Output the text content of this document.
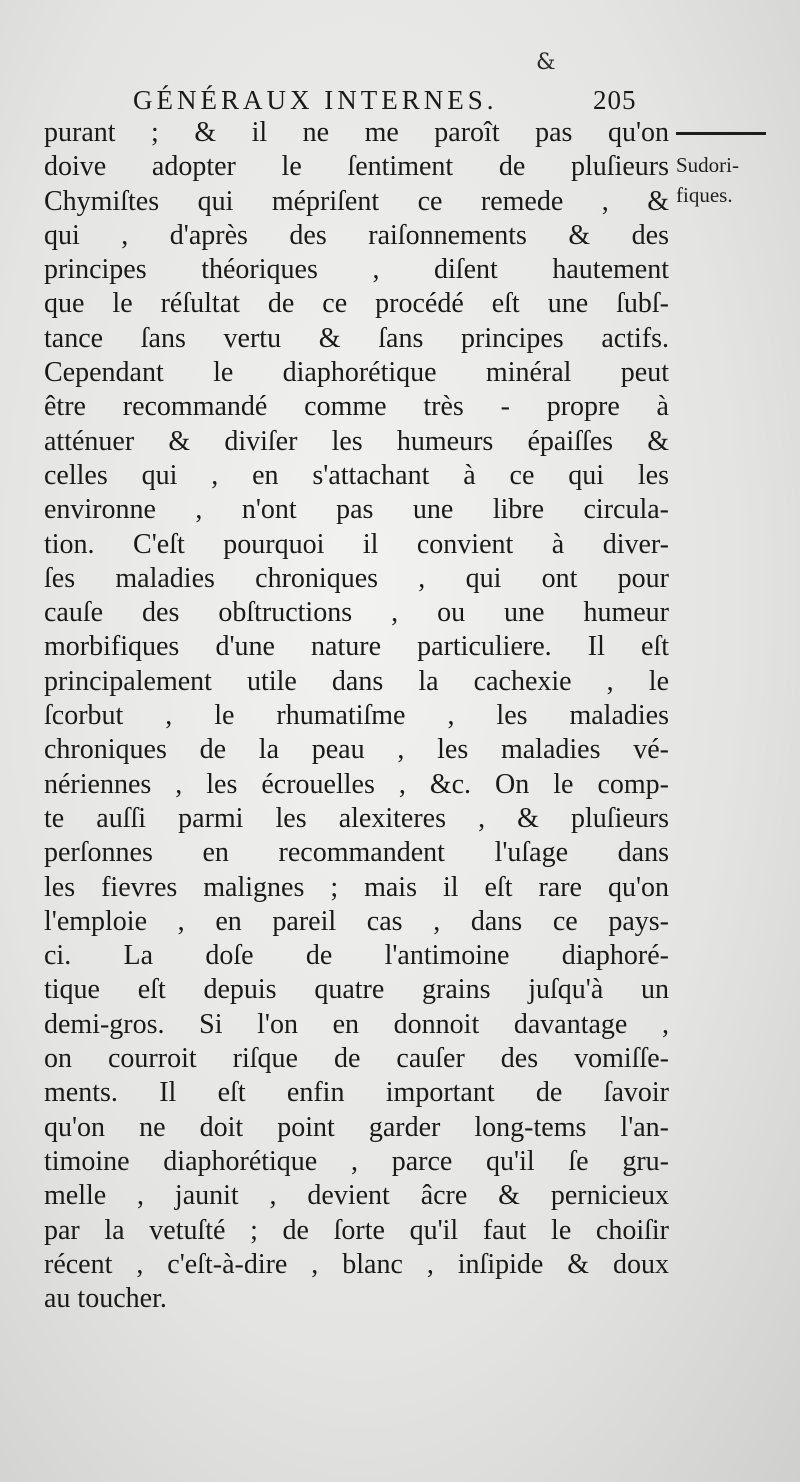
&
GÉNÉRAUX INTERNES.	205
Sudori-
fiques.
purant ; & il ne me paroît pas qu'on
doive adopter le ſentiment de pluſieurs
Chymiſtes qui mépriſent ce remede , &
qui , d'après des raiſonnements & des
principes théoriques , diſent hautement
que le réſultat de ce procédé eſt une ſubſ-
tance ſans vertu & ſans principes actifs.
Cependant le diaphorétique minéral peut
être recommandé comme très - propre à
atténuer & diviſer les humeurs épaiſſes &
celles qui , en s'attachant à ce qui les
environne , n'ont pas une libre circula-
tion. C'eſt pourquoi il convient à diver-
ſes maladies chroniques , qui ont pour
cauſe des obſtructions , ou une humeur
morbifiques d'une nature particuliere. Il eſt
principalement utile dans la cachexie , le
ſcorbut , le rhumatiſme , les maladies
chroniques de la peau , les maladies vé-
nériennes , les écrouelles , &c. On le comp-
te auſſi parmi les alexiteres , & pluſieurs
perſonnes en recommandent l'uſage dans
les fievres malignes ; mais il eſt rare qu'on
l'emploie , en pareil cas , dans ce pays-
ci. La doſe de l'antimoine diaphoré-
tique eſt depuis quatre grains juſqu'à un
demi-gros. Si l'on en donnoit davantage ,
on courroit riſque de cauſer des vomiſſe-
ments. Il eſt enfin important de ſavoir
qu'on ne doit point garder long-tems l'an-
timoine diaphorétique , parce qu'il ſe gru-
melle , jaunit , devient âcre & pernicieux
par la vetuſté ; de ſorte qu'il faut le choiſir
récent , c'eſt-à-dire , blanc , inſipide & doux
au toucher.
